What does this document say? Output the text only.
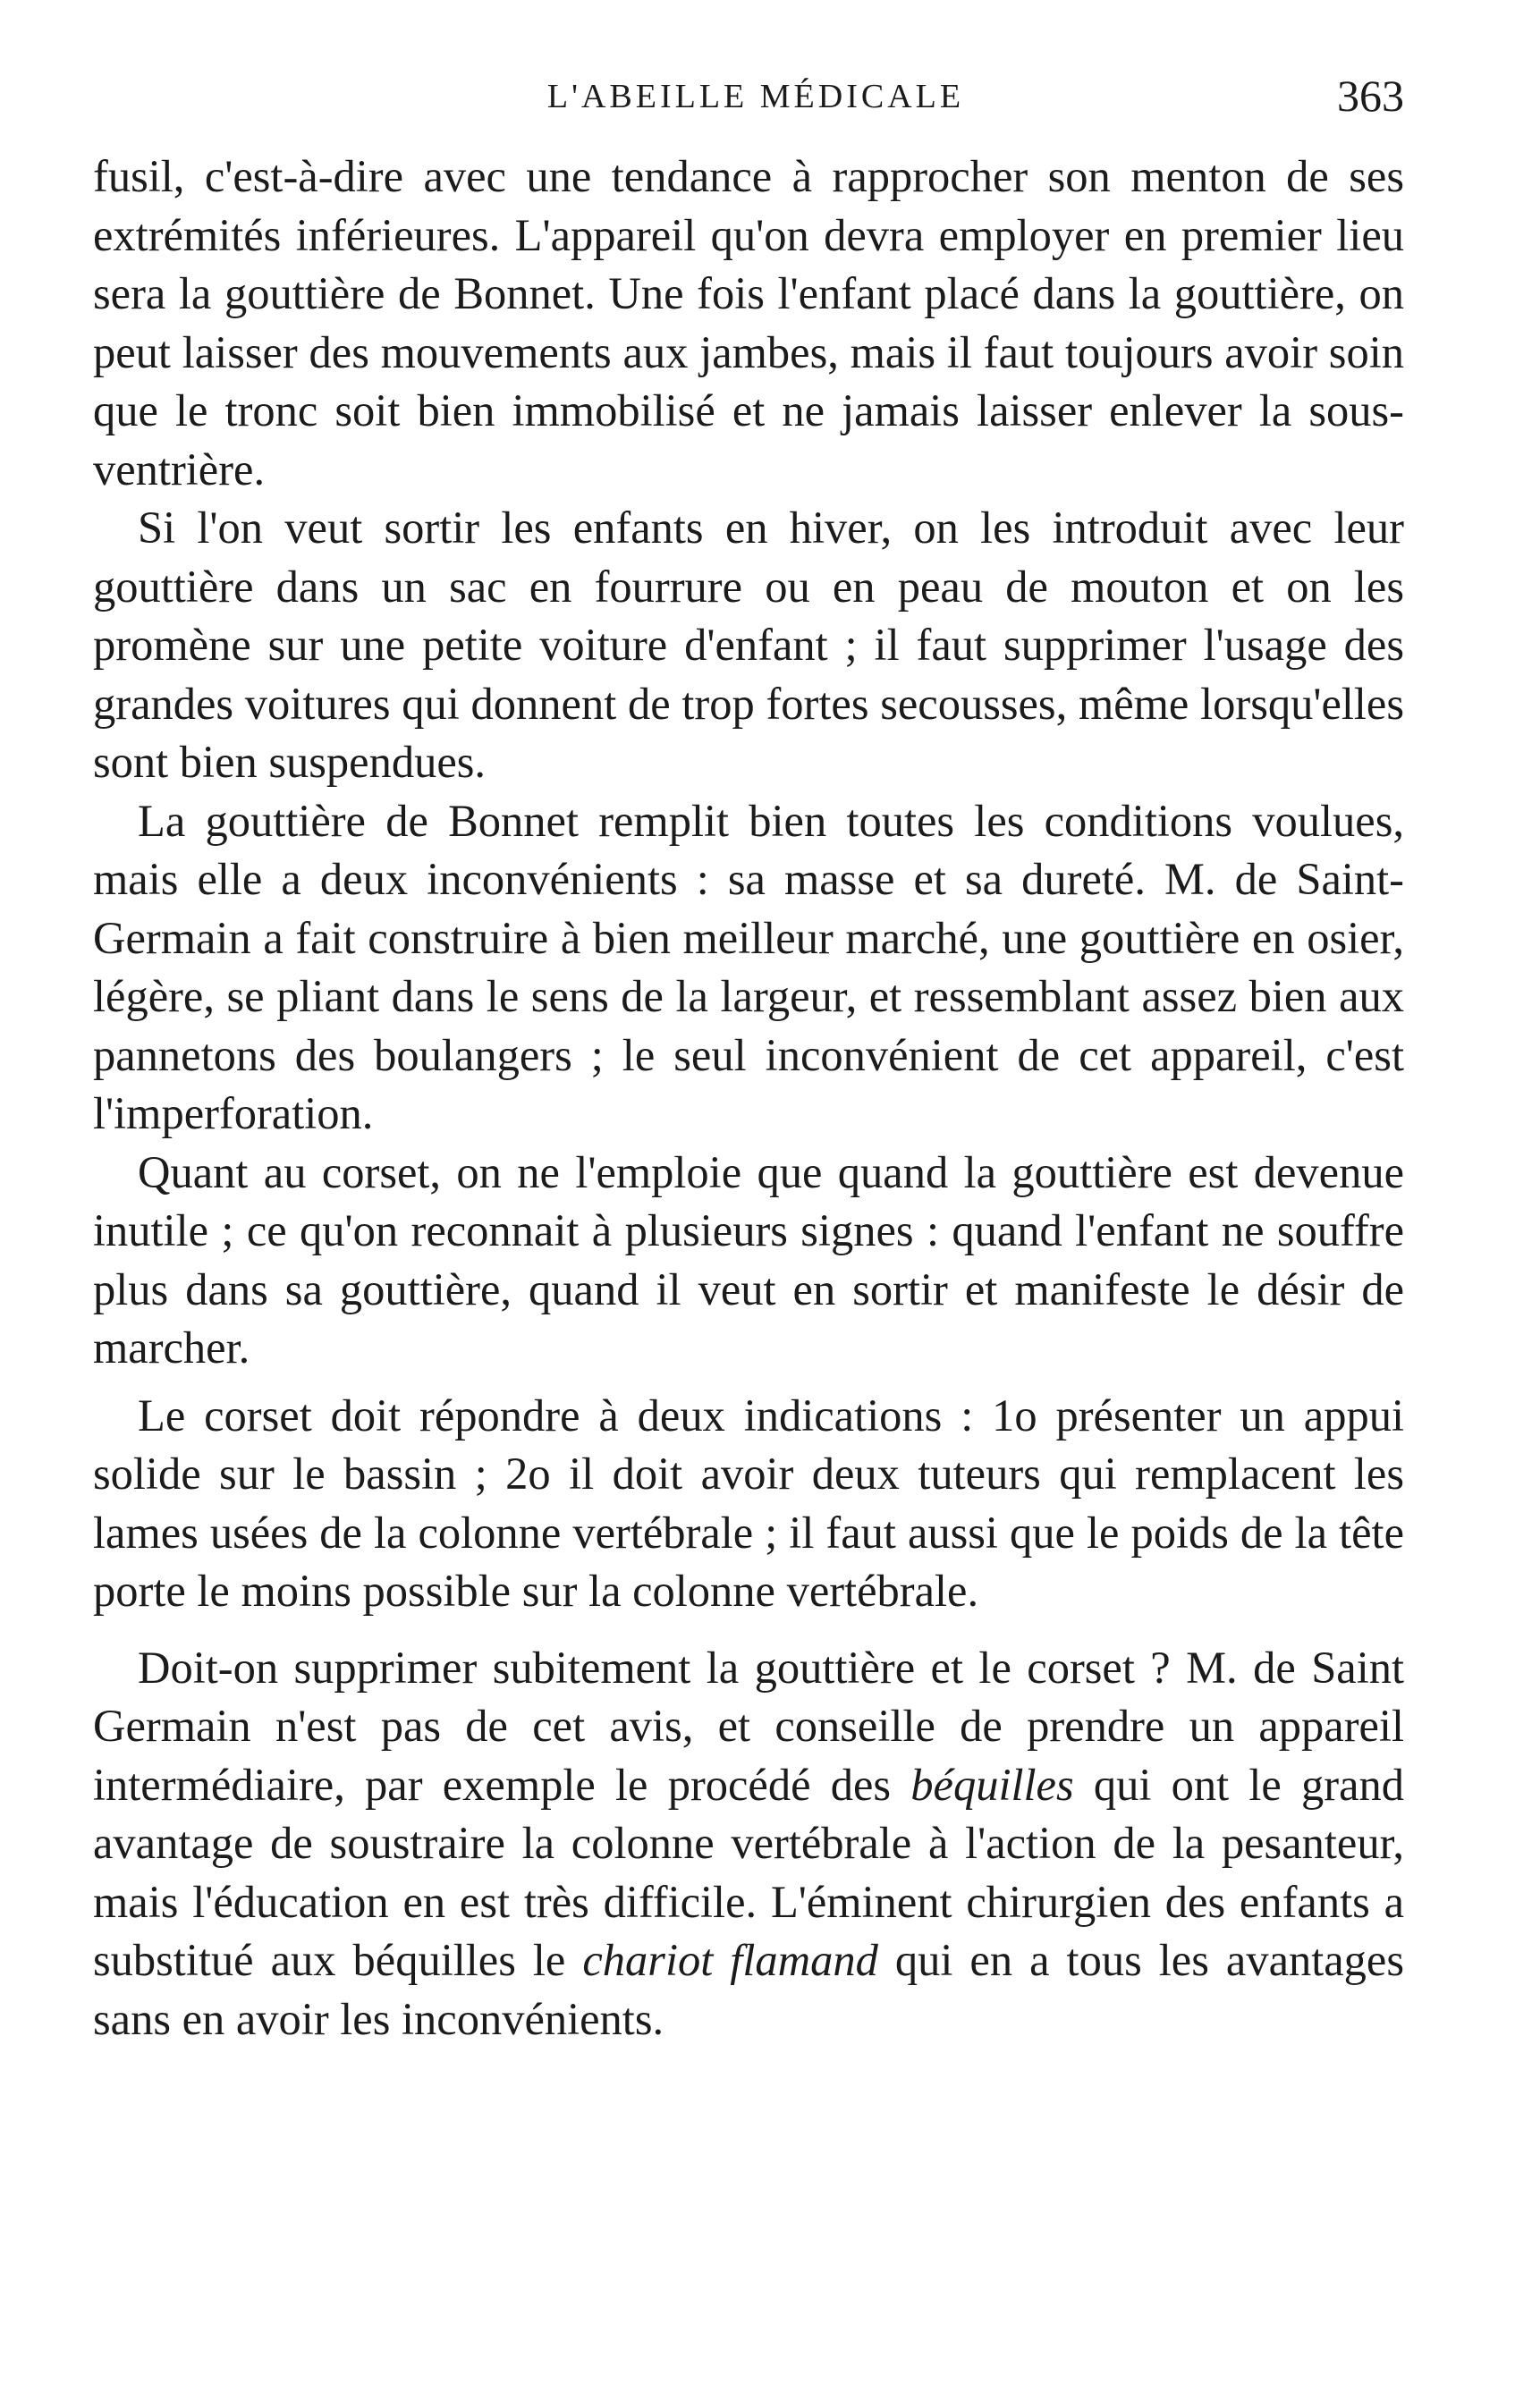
L'ABEILLE MÉDICALE	363

fusil, c'est-à-dire avec une tendance à rapprocher son menton de ses extrémités inférieures. L'appareil qu'on devra employer en premier lieu sera la gouttière de Bonnet. Une fois l'enfant placé dans la gouttière, on peut laisser des mouvements aux jambes, mais il faut toujours avoir soin que le tronc soit bien immobilisé et ne jamais laisser enlever la sous-ventrière.

Si l'on veut sortir les enfants en hiver, on les introduit avec leur gouttière dans un sac en fourrure ou en peau de mouton et on les promène sur une petite voiture d'enfant ; il faut supprimer l'usage des grandes voitures qui donnent de trop fortes secousses, même lorsqu'elles sont bien suspendues.

La gouttière de Bonnet remplit bien toutes les conditions voulues, mais elle a deux inconvénients : sa masse et sa dureté. M. de Saint-Germain a fait construire à bien meilleur marché, une gouttière en osier, légère, se pliant dans le sens de la largeur, et ressemblant assez bien aux pannetons des boulangers ; le seul inconvénient de cet appareil, c'est l'imperforation.

Quant au corset, on ne l'emploie que quand la gouttière est devenue inutile ; ce qu'on reconnait à plusieurs signes : quand l'enfant ne souffre plus dans sa gouttière, quand il veut en sortir et manifeste le désir de marcher.

Le corset doit répondre à deux indications : 1o présenter un appui solide sur le bassin ; 2o il doit avoir deux tuteurs qui remplacent les lames usées de la colonne vertébrale ; il faut aussi que le poids de la tête porte le moins possible sur la colonne vertébrale.

Doit-on supprimer subitement la gouttière et le corset ? M. de Saint Germain n'est pas de cet avis, et conseille de prendre un appareil intermédiaire, par exemple le procédé des béquilles qui ont le grand avantage de soustraire la colonne vertébrale à l'action de la pesanteur, mais l'éducation en est très difficile. L'éminent chirurgien des enfants a substitué aux béquilles le chariot flamand qui en a tous les avantages sans en avoir les inconvénients.
